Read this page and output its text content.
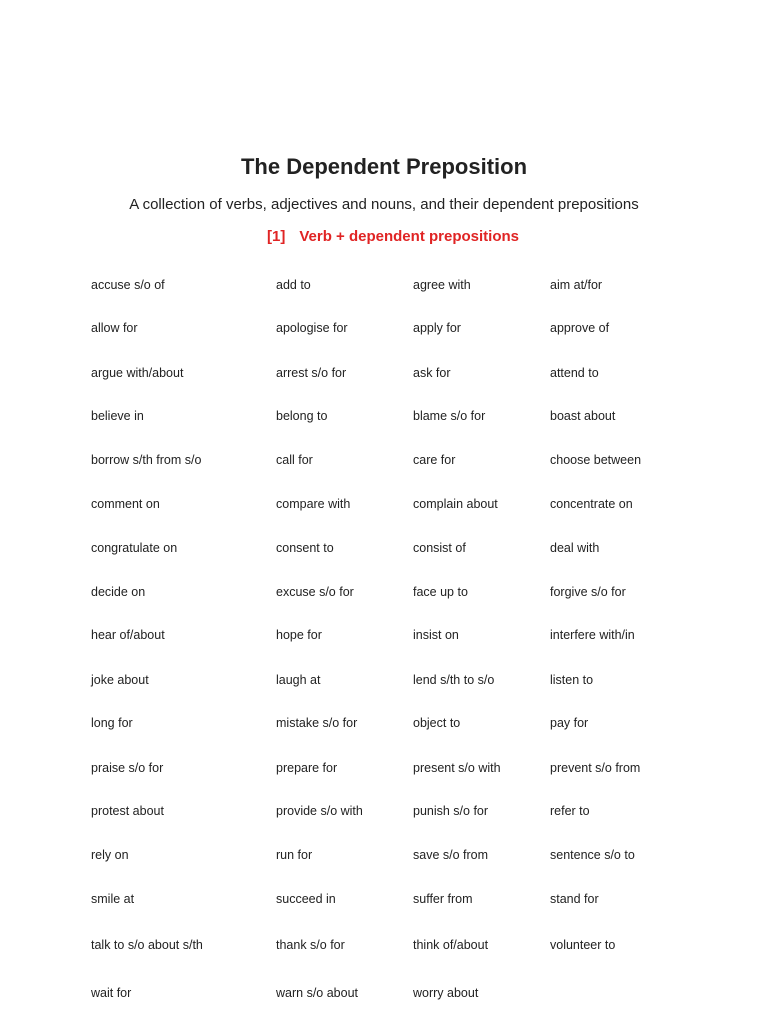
The Dependent Preposition
A collection of verbs, adjectives and nouns, and their dependent prepositions
[1] Verb + dependent prepositions
accuse s/o of	add to	agree with	aim at/for
allow for	apologise for	apply for	approve of
argue with/about	arrest s/o for	ask for	attend to
believe in	belong to	blame s/o for	boast about
borrow s/th from s/o	call for	care for	choose between
comment on	compare with	complain about	concentrate on
congratulate on	consent to	consist of	deal with
decide on	excuse s/o for	face up to	forgive s/o for
hear of/about	hope for	insist on	interfere with/in
joke about	laugh at	lend s/th to s/o	listen to
long for	mistake s/o for	object to	pay for
praise s/o for	prepare for	present s/o with	prevent s/o from
protest about	provide s/o with	punish s/o for	refer to
rely on	run for	save s/o from	sentence s/o to
smile at	succeed in	suffer from	stand for
talk to s/o about s/th	thank s/o for	think of/about	volunteer to
wait for	warn s/o about	worry about
